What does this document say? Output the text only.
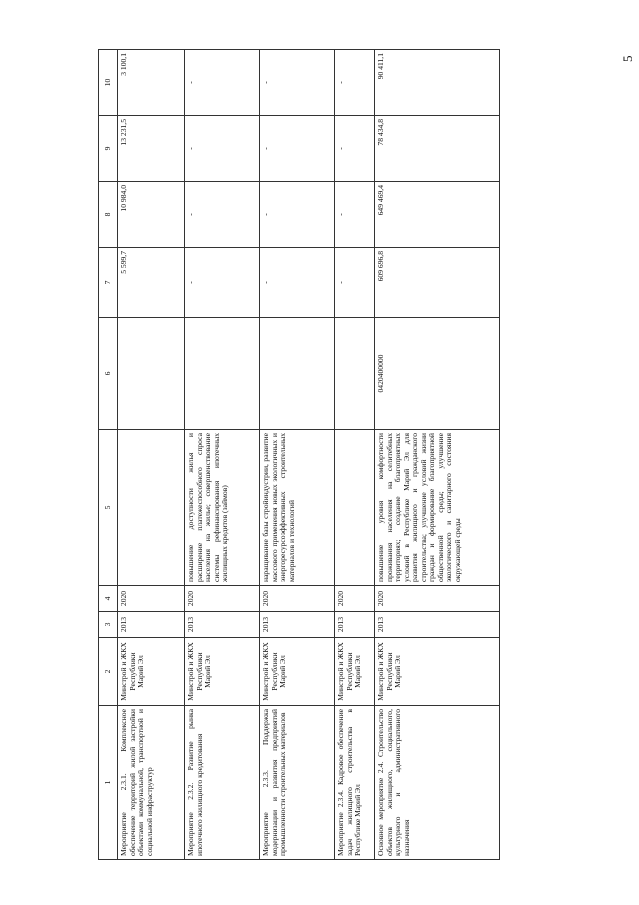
5
1	2	3	4	5	6	7	8	9	10
Мероприятие 2.3.1. Комплексное обеспечение территорий жилой застройки объектами коммунальной, транспортной и социальной инфраструктур	Минстрой и ЖКХ Республики Марий Эл	2013	2020			5 599,7	10 984,0	13 231,5	3 100,1
Мероприятие 2.3.2. Развитие рынка ипотечного жилищного кредитования	Минстрой и ЖКХ Республики Марий Эл	2013	2020	повышение доступности жилья и расширение платежеспособного спроса населения на жилье; совершенствование системы рефинансирования ипотечных жилищных кредитов (займов)		-	-	-	-
Мероприятие 2.3.3. Поддержка модернизации и развития предприятий промышленности строительных материалов	Минстрой и ЖКХ Республики Марий Эл	2013	2020	наращивание базы стройиндустрии, развитие массового применения новых экологичных и энергоресурсоэффективных строительных материалов и технологий		-	-	-	-
Мероприятие 2.3.4. Кадровое обеспечение задач жилищного строительства в Республике Марий Эл	Минстрой и ЖКХ Республики Марий Эл	2013	2020			-	-	-	-
Основное мероприятие 2.4. Строительство объектов жилищного, социального, культурного и административного назначения	Минстрой и ЖКХ Республики Марий Эл	2013	2020	повышение уровня комфортности проживания населения на селитебных территориях; создание благоприятных условий в Республике Марий Эл для развития жилищного и гражданского строительства; улучшение условий жизни граждан и формирование благоприятной общественной среды; улучшение экологического и санитарного состояния окружающей среды	0420400000	609 696,8	649 469,4	78 434,8	90 411,1
